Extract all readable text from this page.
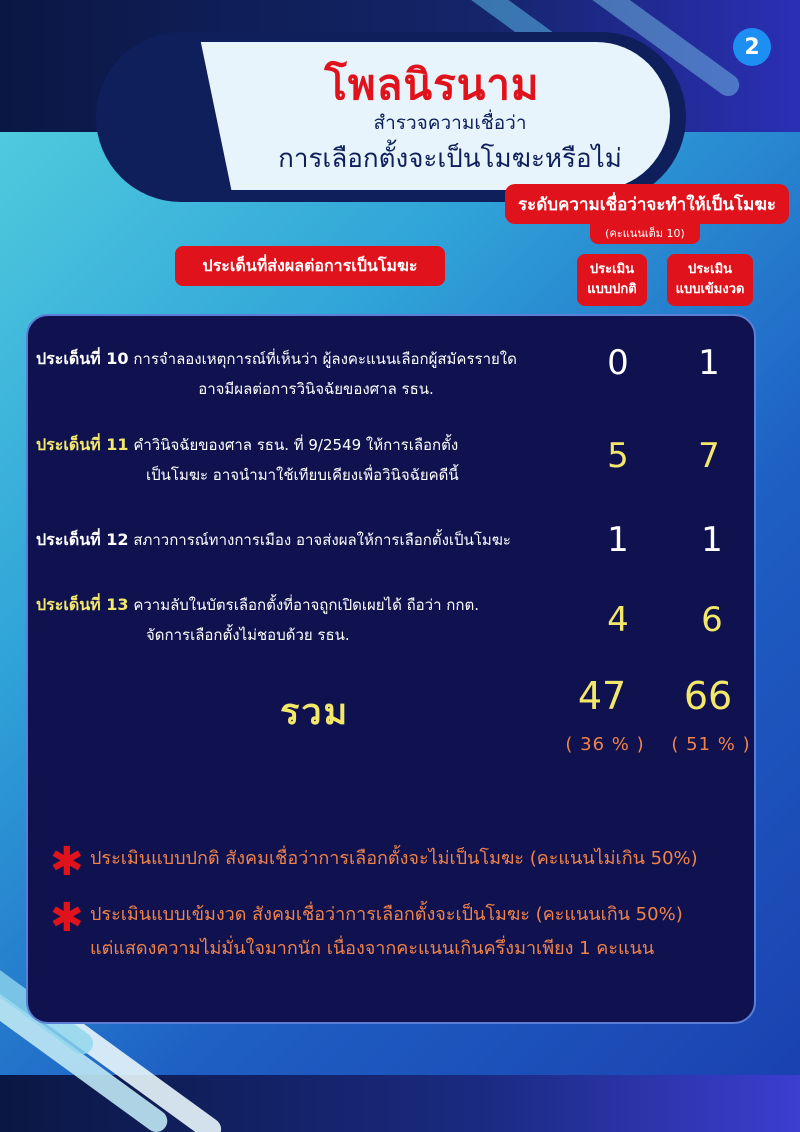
2
โพลนิรนาม
สำรวจความเชื่อว่า
การเลือกตั้งจะเป็นโมฆะหรือไม่
ระดับความเชื่อว่าจะทำให้เป็นโมฆะ
(คะแนนเต็ม 10)
ประเด็นที่ส่งผลต่อการเป็นโมฆะ	ประเมิน
แบบปกติ
ประเมิน
แบบเข้มงวด
ประเด็นที่ 10 การจำลองเหตุการณ์ที่เห็นว่า ผู้ลงคะแนนเลือกผู้สมัครรายใด
อาจมีผลต่อการวินิจฉัยของศาล รธน.
0	1
ประเด็นที่ 11 คำวินิจฉัยของศาล รธน. ที่ 9/2549 ให้การเลือกตั้ง
เป็นโมฆะ อาจนำมาใช้เทียบเคียงเพื่อวินิจฉัยคดีนี้	5	7
ประเด็นที่ 12 สภาวการณ์ทางการเมือง อาจส่งผลให้การเลือกตั้งเป็นโมฆะ	1	1
ประเด็นที่ 13 ความลับในบัตรเลือกตั้งที่อาจถูกเปิดเผยได้ ถือว่า กกต.
จัดการเลือกตั้งไม่ชอบด้วย รธน.	4	6
รวม	47	66
( 36 % )	( 51 % )
✱ ประเมินแบบปกติ สังคมเชื่อว่าการเลือกตั้งจะไม่เป็นโมฆะ (คะแนนไม่เกิน 50%)
✱ ประเมินแบบเข้มงวด สังคมเชื่อว่าการเลือกตั้งจะเป็นโมฆะ (คะแนนเกิน 50%)
แต่แสดงความไม่มั่นใจมากนัก เนื่องจากคะแนนเกินครึ่งมาเพียง 1 คะแนน
